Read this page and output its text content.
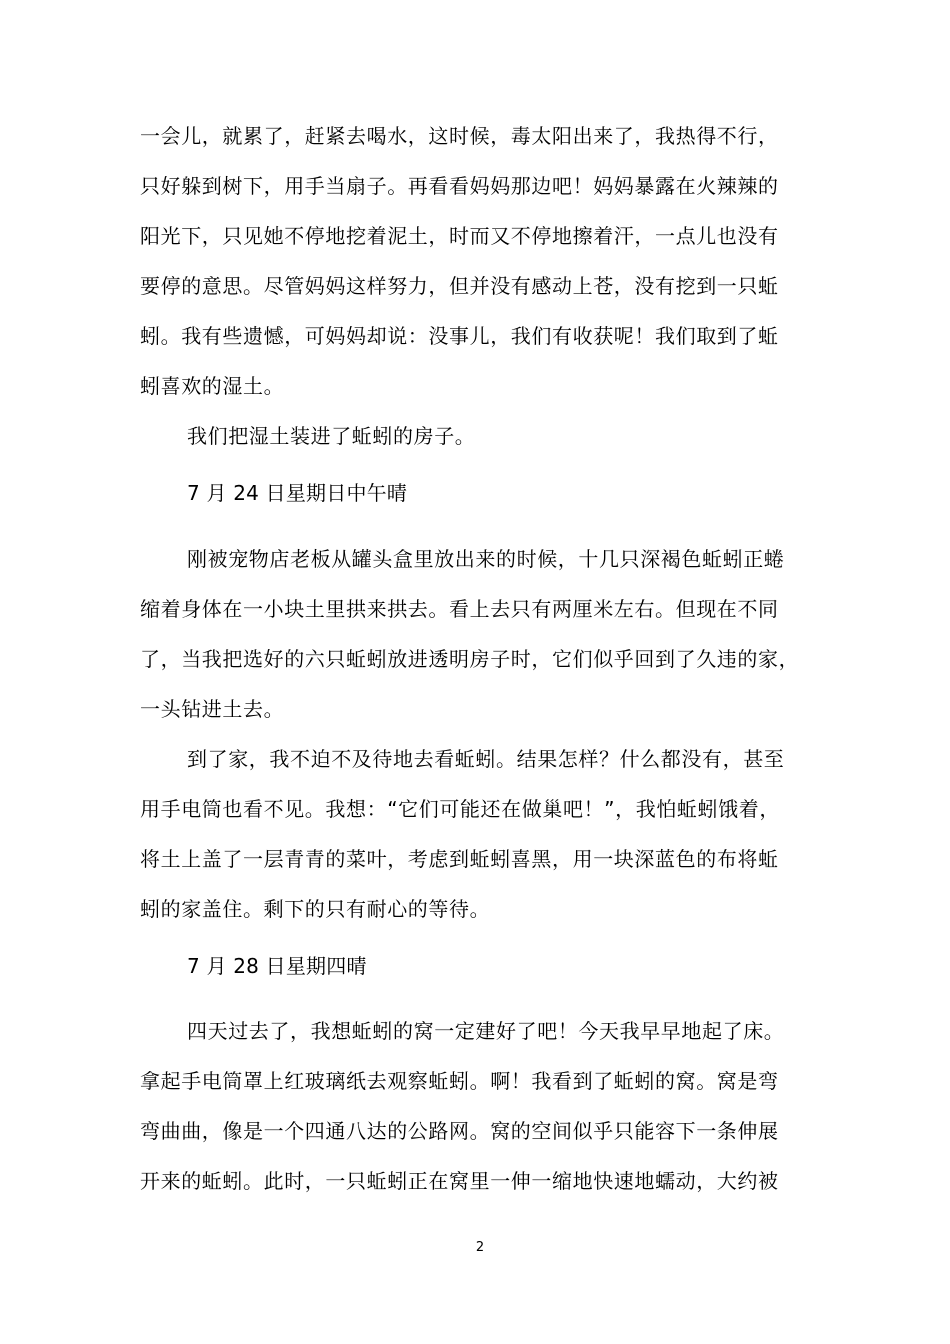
一会儿，就累了，赶紧去喝水，这时候，毒太阳出来了，我热得不行，
只好躲到树下，用手当扇子。再看看妈妈那边吧！妈妈暴露在火辣辣的
阳光下，只见她不停地挖着泥土，时而又不停地擦着汗，一点儿也没有
要停的意思。尽管妈妈这样努力，但并没有感动上苍，没有挖到一只蚯
蚓。我有些遗憾，可妈妈却说：没事儿，我们有收获呢！我们取到了蚯
蚓喜欢的湿土。
我们把湿土装进了蚯蚓的房子。
7 月 24 日星期日中午晴
刚被宠物店老板从罐头盒里放出来的时候，十几只深褐色蚯蚓正蜷
缩着身体在一小块土里拱来拱去。看上去只有两厘米左右。但现在不同
了，当我把选好的六只蚯蚓放进透明房子时，它们似乎回到了久违的家，
一头钻进土去。
到了家，我不迫不及待地去看蚯蚓。结果怎样？什么都没有，甚至
用手电筒也看不见。我想：“它们可能还在做巢吧！”，我怕蚯蚓饿着，
将土上盖了一层青青的菜叶，考虑到蚯蚓喜黑，用一块深蓝色的布将蚯
蚓的家盖住。剩下的只有耐心的等待。
7 月 28 日星期四晴
四天过去了，我想蚯蚓的窝一定建好了吧！今天我早早地起了床。
拿起手电筒罩上红玻璃纸去观察蚯蚓。啊！我看到了蚯蚓的窝。窝是弯
弯曲曲，像是一个四通八达的公路网。窝的空间似乎只能容下一条伸展
开来的蚯蚓。此时，一只蚯蚓正在窝里一伸一缩地快速地蠕动，大约被
2
